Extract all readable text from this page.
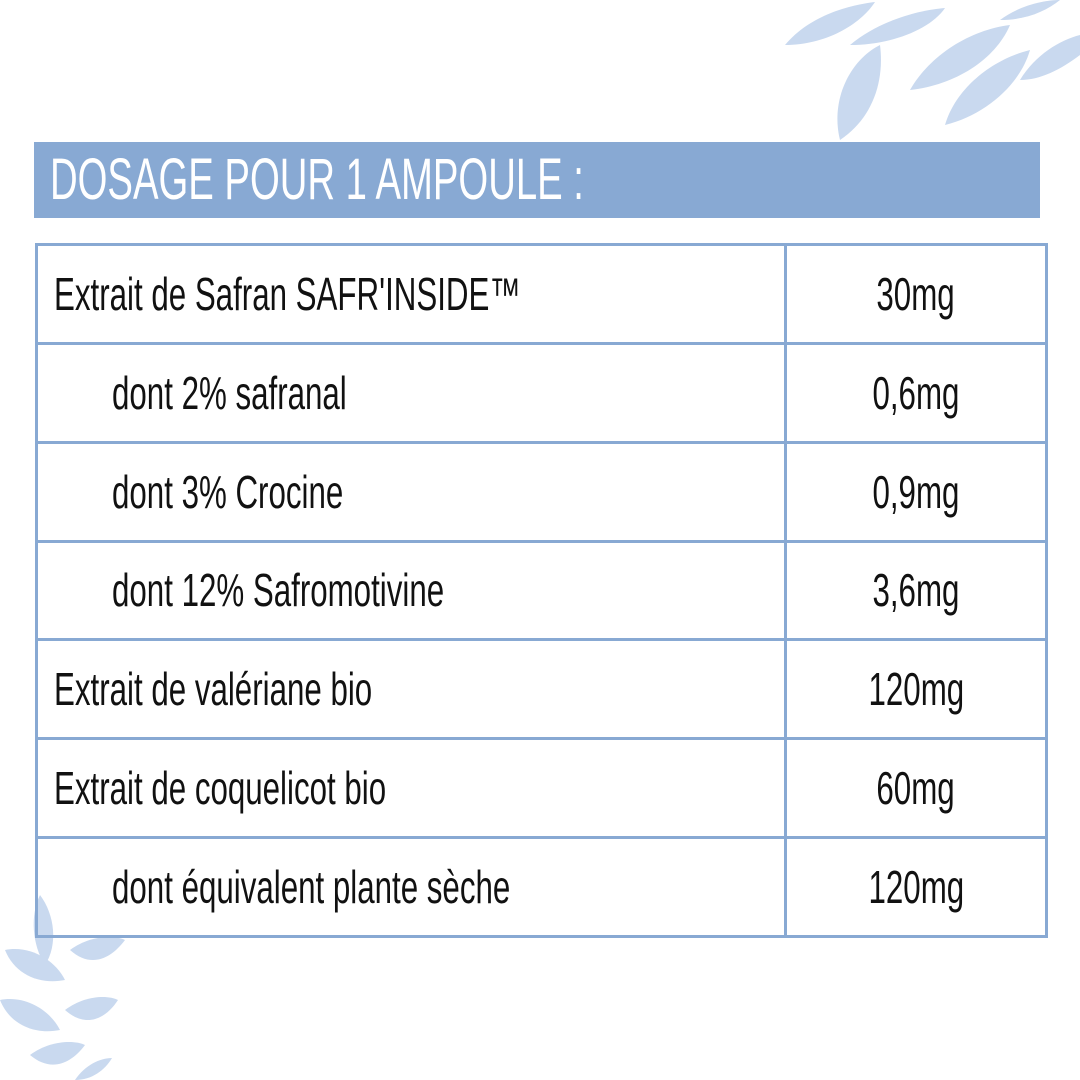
DOSAGE POUR 1 AMPOULE :
Extrait de Safran SAFR'INSIDE™	30mg
dont 2% safranal	0,6mg
dont 3% Crocine	0,9mg
dont 12% Safromotivine	3,6mg
Extrait de valériane bio	120mg
Extrait de coquelicot bio	60mg
dont équivalent plante sèche	120mg
